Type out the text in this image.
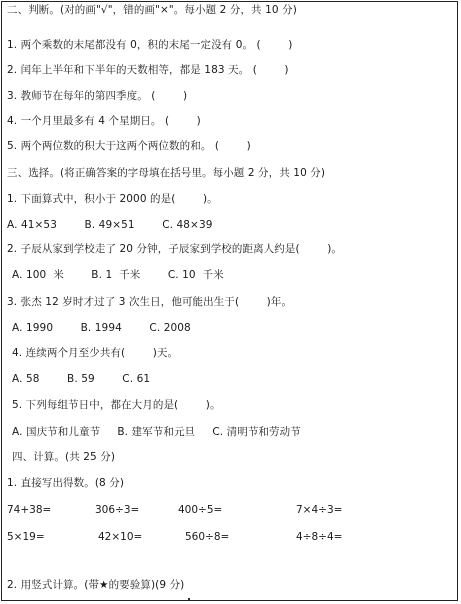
二、判断。(对的画"√"，错的画"×"。每小题 2 分，共 10 分)
1. 两个乘数的末尾都没有 0，积的末尾一定没有 0。 (        )
2. 闰年上半年和下半年的天数相等，都是 183 天。 (        )
3. 教师节在每年的第四季度。 (        )
4. 一个月里最多有 4 个星期日。 (        )
5. 两个两位数的积大于这两个两位数的和。 (        )
三、选择。(将正确答案的字母填在括号里。每小题 2 分，共 10 分)
1. 下面算式中，积小于 2000 的是(        )。
A. 41×53        B. 49×51        C. 48×39
2. 子辰从家到学校走了 20 分钟，子辰家到学校的距离人约是(        )。
A. 100  米        B. 1  千米        C. 10  千米
3. 张杰 12 岁时才过了 3 次生日，他可能出生于(        )年。
A. 1990        B. 1994        C. 2008
4. 连续两个月至少共有(        )天。
A. 58        B. 59        C. 61
5. 下列每组节日中，都在大月的是(        )。
A. 国庆节和儿童节     B. 建军节和元旦     C. 清明节和劳动节
四、计算。(共 25 分)
1. 直接写出得数。(8 分)
74+38=	306÷3=	400÷5=	7×4÷3=
5×19=	42×10=	560÷8=	4÷8÷4=
2. 用竖式计算。(带★的要验算)(9 分)
